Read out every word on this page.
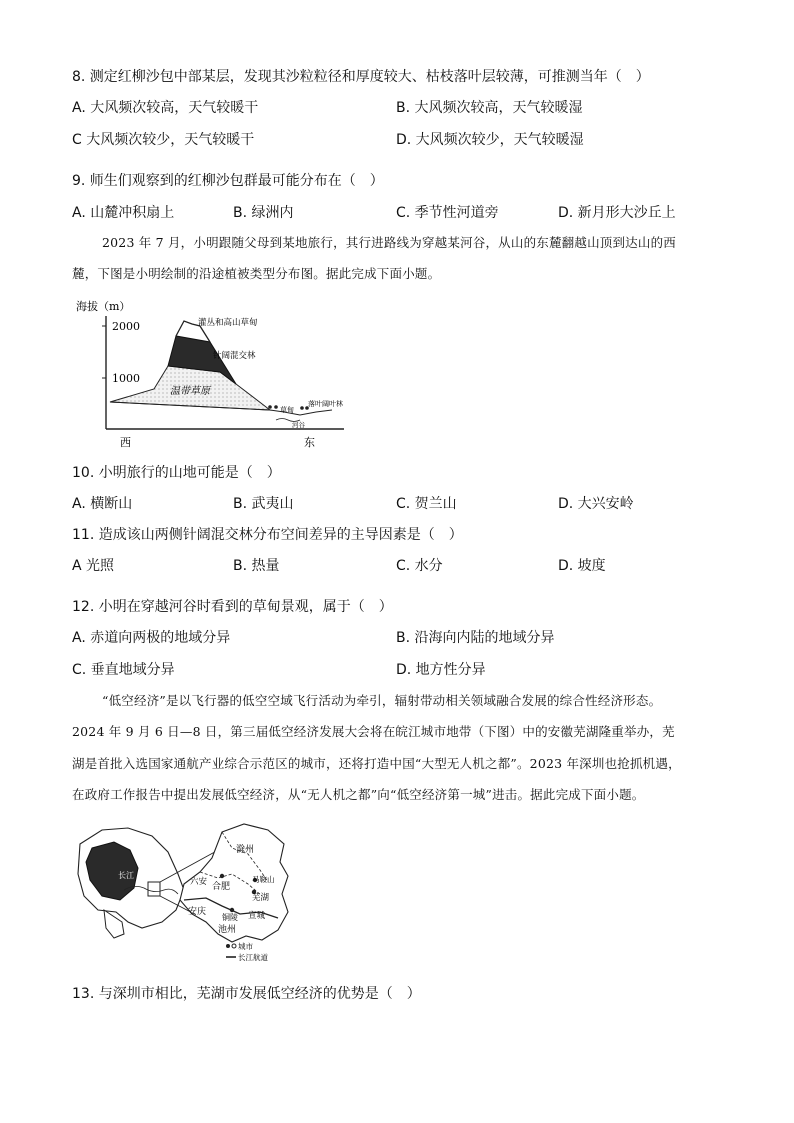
8. 测定红柳沙包中部某层，发现其沙粒粒径和厚度较大、枯枝落叶层较薄，可推测当年（　）
A. 大风频次较高，天气较暖干	B. 大风频次较高，天气较暖湿
C 大风频次较少，天气较暖干	D. 大风频次较少，天气较暖湿
9. 师生们观察到的红柳沙包群最可能分布在（　）
A. 山麓冲积扇上	B. 绿洲内	C. 季节性河道旁	D. 新月形大沙丘上
2023 年 7 月，小明跟随父母到某地旅行，其行进路线为穿越某河谷，从山的东麓翻越山顶到达山的西
麓，下图是小明绘制的沿途植被类型分布图。据此完成下面小题。
海拔（m）
2000
1000
灌丛和高山草甸
针阔混交林
温带草原
草甸
落叶阔叶林
河谷
西	东
10. 小明旅行的山地可能是（　）
A. 横断山	B. 武夷山	C. 贺兰山	D. 大兴安岭
11. 造成该山两侧针阔混交林分布空间差异的主导因素是（　）
A 光照	B. 热量	C. 水分	D. 坡度
12. 小明在穿越河谷时看到的草甸景观，属于（　）
A. 赤道向两极的地域分异	B. 沿海向内陆的地域分异
C. 垂直地域分异	D. 地方性分异
“低空经济”是以飞行器的低空空域飞行活动为牵引，辐射带动相关领域融合发展的综合性经济形态。
2024 年 9 月 6 日—8 日，第三届低空经济发展大会将在皖江城市地带（下图）中的安徽芜湖隆重举办，芜
湖是首批入选国家通航产业综合示范区的城市，还将打造中国“大型无人机之都”。2023 年深圳也抢抓机遇，
在政府工作报告中提出发展低空经济，从“无人机之都”向“低空经济第一城”进击。据此完成下面小题。
长江
滁州
合肥
马鞍山
芜湖
六安
安庆
铜陵 宣城
池州
城市
长江航道
13. 与深圳市相比，芜湖市发展低空经济的优势是（　）
